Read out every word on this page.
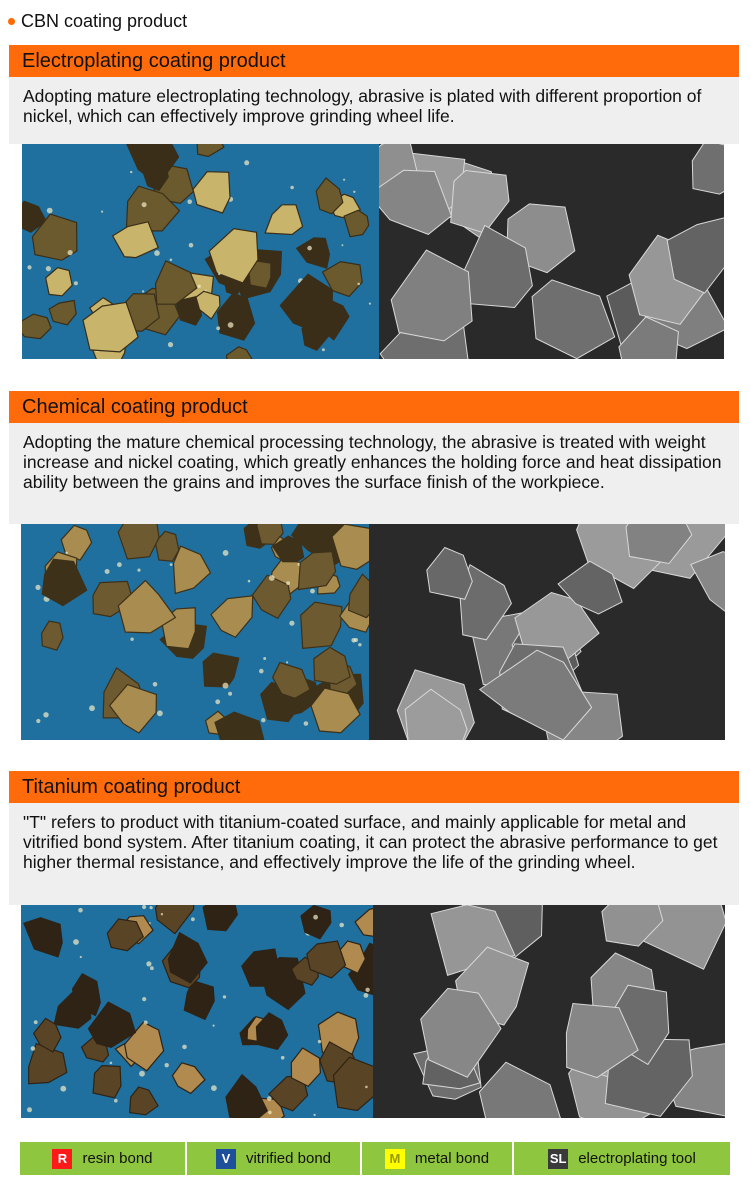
CBN coating product
Electroplating coating product
Adopting mature electroplating technology, abrasive is plated with different proportion of nickel, which can effectively improve grinding wheel life.
Chemical coating product
Adopting the mature chemical processing technology, the abrasive is treated with weight increase and nickel coating, which greatly enhances the holding force and heat dissipation ability between the grains and improves the surface finish of the workpiece.
Titanium coating product
"T" refers to product with titanium-coated surface, and mainly applicable for metal and vitrified bond system. After titanium coating, it can protect the abrasive performance to get higher thermal resistance, and effectively improve the life of the grinding wheel.
R	resin bond	V	vitrified bond	M metal bond	SL electroplating tool
